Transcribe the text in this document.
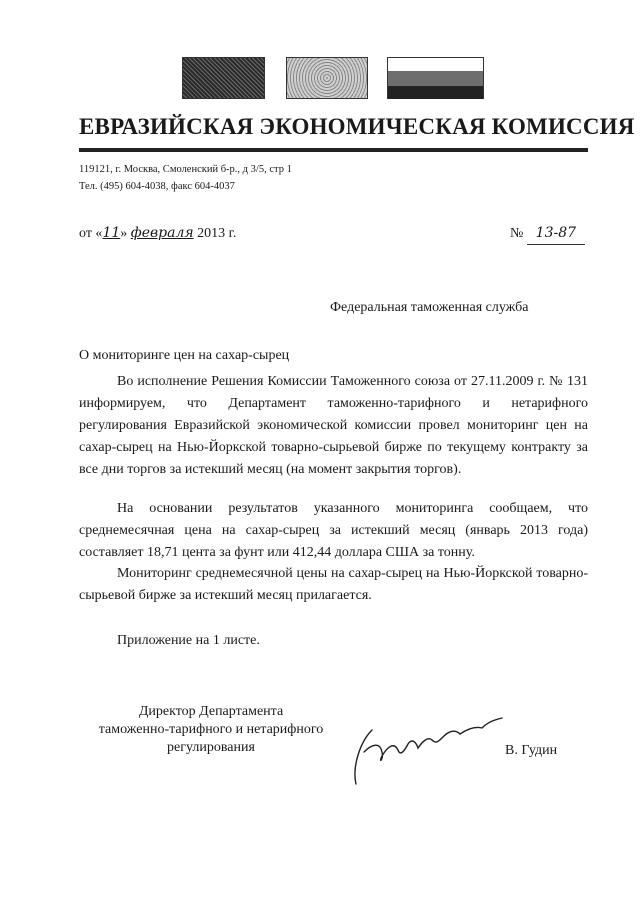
ЕВРАЗИЙСКАЯ ЭКОНОМИЧЕСКАЯ КОМИССИЯ
119121, г. Москва, Смоленский б-р., д 3/5, стр 1
Тел. (495) 604-4038, факс 604-4037
от «11» февраля 2013 г.	№ 13-87
Федеральная таможенная служба
О мониторинге цен на сахар-сырец

Во исполнение Решения Комиссии Таможенного союза от 27.11.2009 г. № 131 информируем, что Департамент таможенно-тарифного и нетарифного регулирования Евразийской экономической комиссии провел мониторинг цен на сахар-сырец на Нью-Йоркской товарно-сырьевой бирже по текущему контракту за все дни торгов за истекший месяц (на момент закрытия торгов).

На основании результатов указанного мониторинга сообщаем, что среднемесячная цена на сахар-сырец за истекший месяц (январь 2013 года) составляет 18,71 цента за фунт или 412,44 доллара США за тонну.

Мониторинг среднемесячной цены на сахар-сырец на Нью-Йоркской товарно-сырьевой бирже за истекший месяц прилагается.

Приложение на 1 листе.
Директор Департамента
таможенно-тарифного и нетарифного
регулирования	В. Гудин
